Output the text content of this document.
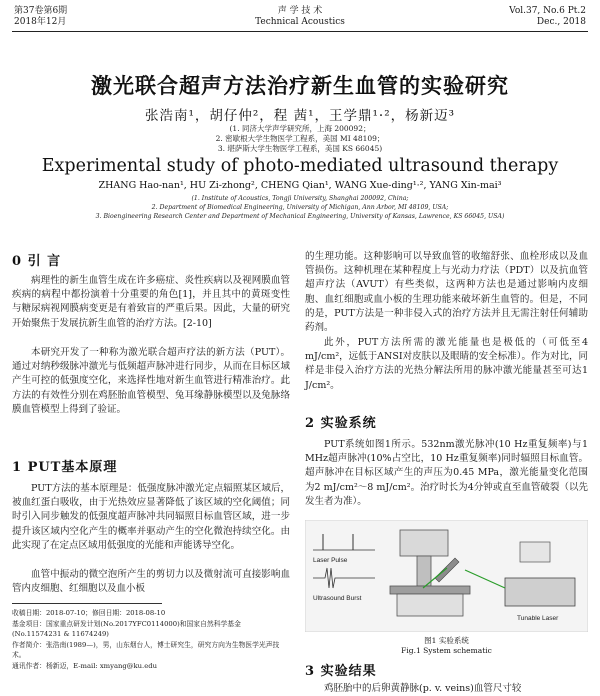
第37卷第6期
2018年12月
声 学 技 术
Technical Acoustics
Vol.37, No.6 Pt.2
Dec., 2018
激光联合超声方法治疗新生血管的实验研究
张浩南¹，胡仔仲²，程 茜¹，王学鼎¹·²，杨新迈³
(1. 同济大学声学研究所，上海 200092；
2. 密歇根大学生物医学工程系，美国 MI 48109；
3. 堪萨斯大学生物医学工程系，美国 KS 66045)
Experimental study of photo-mediated ultrasound therapy
ZHANG Hao-nan¹, HU Zi-zhong², CHENG Qian¹, WANG Xue-ding¹·², YANG Xin-mai³
(1. Institute of Acoustics, Tongji University, Shanghai 200092, China;
2. Department of Biomedical Engineering, University of Michigan, Ann Arbor, MI 48109, USA;
3. Bioengineering Research Center and Department of Mechanical Engineering, University of Kansas, Lawrence, KS 66045, USA)
0 引 言
病理性的新生血管生成在许多癌症、炎性疾病以及视网膜血管疾病的病程中都扮演着十分重要的角色[1]，并且其中的黄斑变性与糖尿病视网膜病变更是有着致盲的严重后果。因此，大量的研究开始聚焦于发展抗新生血管的治疗方法。[2-10]
本研究开发了一种称为激光联合超声疗法的新方法（PUT）。通过对纳秒级脉冲激光与低频超声脉冲进行同步，从而在目标区域产生可控的低强度空化，来选择性地对新生血管进行精准治疗。此方法的有效性分别在鸡胚胎血管模型、兔耳缘静脉模型以及兔脉络膜血管模型上得到了验证。
1 PUT基本原理
PUT方法的基本原理是：低强度脉冲激光定点辐照某区域后，被血红蛋白吸收，由于光热效应显著降低了该区域的空化阈值；同时引入同步触发的低强度超声脉冲共同辐照目标血管区域，进一步提升该区域内空化产生的概率并驱动产生的空化微泡持续空化。由此实现了在定点区域用低强度的光能和声能诱导空化。
血管中振动的微空泡所产生的剪切力以及微射流可直接影响血管内皮细胞、红细胞以及血小板
收稿日期：2018-07-10；修回日期：2018-08-10
基金项目：国家重点研发计划(No.2017YFC0114000)和国家自然科学基金(No.11574231 & 11674249)
作者简介：张浩南(1989—)，男，山东烟台人，博士研究生，研究方向为生物医学光声技术。
通讯作者：杨新迈，E-mail: xmyang@ku.edu
的生理功能。这种影响可以导致血管的收缩舒张、血栓形成以及血管损伤。这种机理在某种程度上与光动力疗法（PDT）以及抗血管超声疗法（AVUT）有些类似，这两种方法也是通过影响内皮细胞、血红细胞或血小板的生理功能来破坏新生血管的。但是，不同的是，PUT方法是一种非侵入式的治疗方法并且无需注射任何辅助药剂。
此外，PUT方法所需的激光能量也是极低的（可低至4 mJ/cm²，远低于ANSI对皮肤以及眼睛的安全标准）。作为对比，同样是非侵入治疗方法的光热分解法所用的脉冲激光能量甚至可达1 J/cm²。
2 实验系统
PUT系统如图1所示。532nm激光脉冲(10 Hz重复频率)与1 MHz超声脉冲(10%占空比，10 Hz重复频率)同时辐照目标血管。超声脉冲在目标区域产生的声压为0.45 MPa，激光能量变化范围为2 mJ/cm²～8 mJ/cm²。治疗时长为4分钟或直至血管破裂（以先发生者为准）。
Laser Pulse
Ultrasound Burst
Tunable Laser
图1 实验系统
Fig.1 System schematic
3 实验结果
鸡胚胎中的后卵黄静脉(p. v. veins)血管尺寸较
